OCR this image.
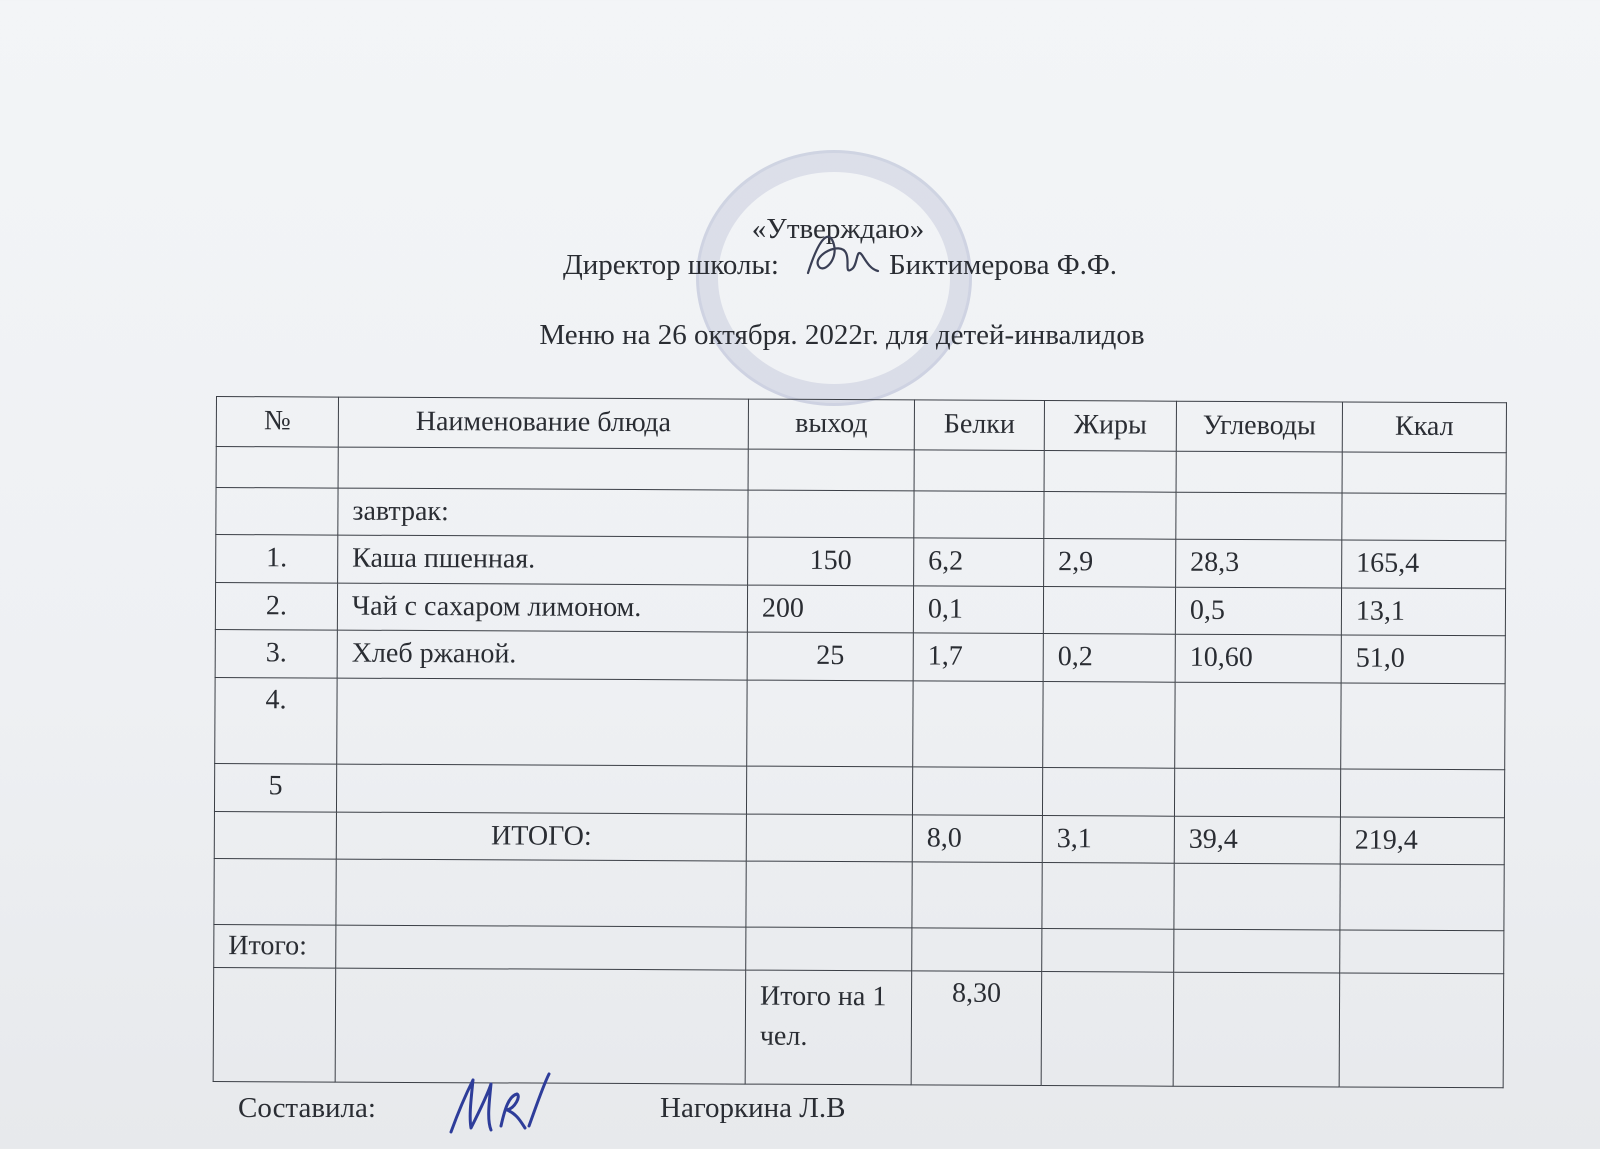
«Утверждаю»
Директор школы:	Биктимерова Ф.Ф.
Меню на 26 октября. 2022г. для детей-инвалидов
№	Наименование блюда	выход	Белки	Жиры	Углеводы	Ккал

	завтрак:					
1.	Каша пшенная.	150	6,2	2,9	28,3	165,4
2.	Чай с сахаром лимоном.	200	0,1		0,5	13,1
3.	Хлеб ржаной.	25	1,7	0,2	10,60	51,0
4.						
5						
	ИТОГО:		8,0	3,1	39,4	219,4

Итого:						
		Итого на 1 чел.	8,30			
Составила:	Нагоркина Л.В
